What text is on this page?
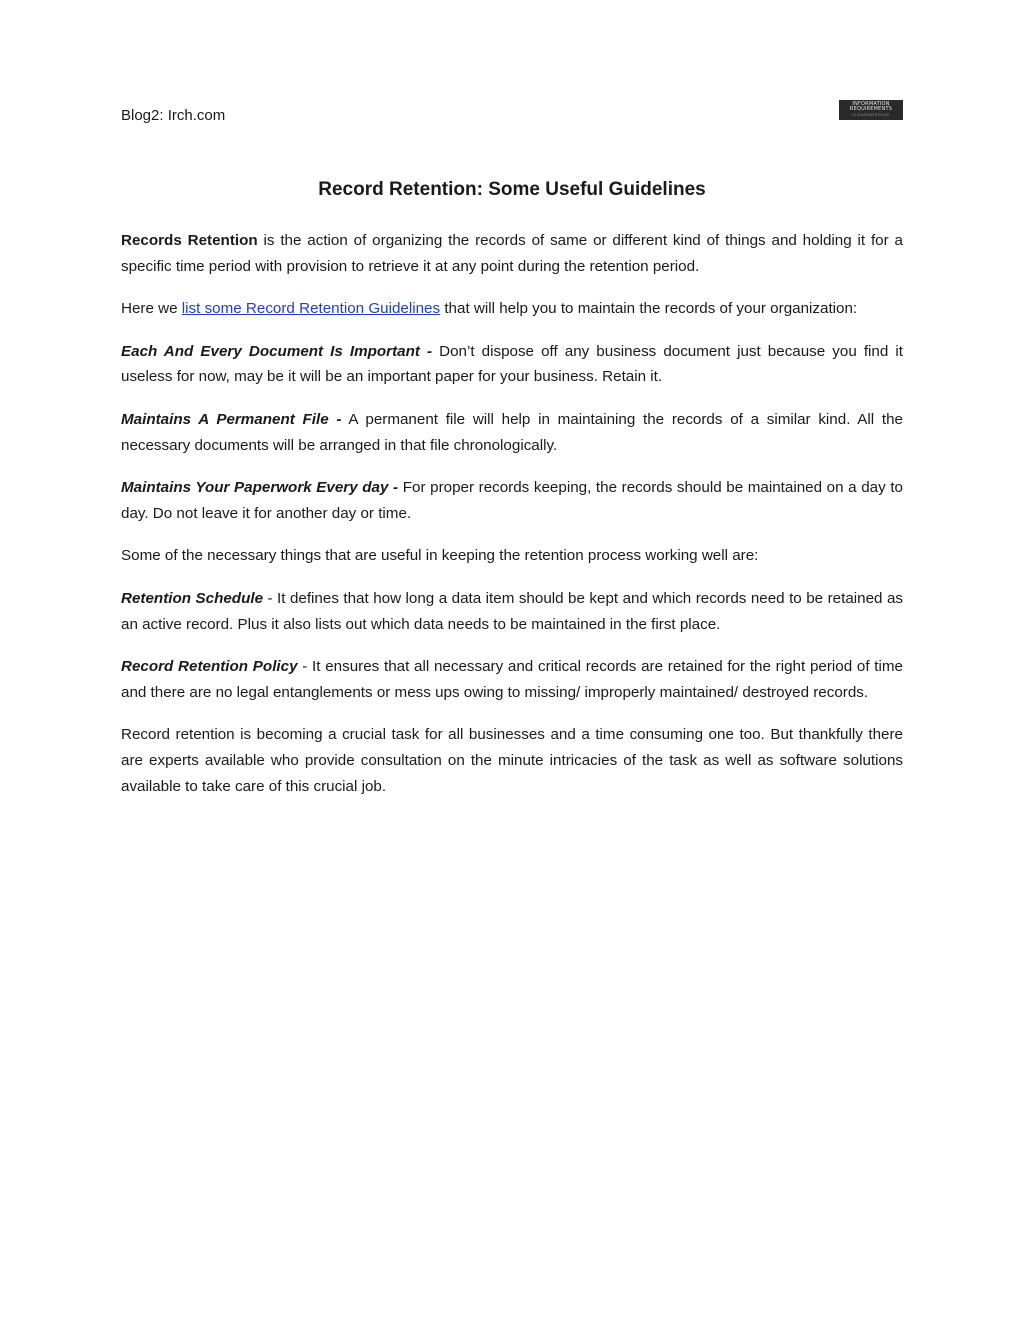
Blog2: Irch.com
INFORMATION
REQUIREMENTS
CLEARINGHOUSE
Record Retention: Some Useful Guidelines

Records Retention is the action of organizing the records of same or different kind of things and holding it for a specific time period with provision to retrieve it at any point during the retention period.

Here we list some Record Retention Guidelines that will help you to maintain the records of your organization:

Each And Every Document Is Important - Don’t dispose off any business document just because you find it useless for now, may be it will be an important paper for your business. Retain it.

Maintains A Permanent File - A permanent file will help in maintaining the records of a similar kind. All the necessary documents will be arranged in that file chronologically.

Maintains Your Paperwork Every day - For proper records keeping, the records should be maintained on a day to day. Do not leave it for another day or time.

Some of the necessary things that are useful in keeping the retention process working well are:

Retention Schedule - It defines that how long a data item should be kept and which records need to be retained as an active record. Plus it also lists out which data needs to be maintained in the first place.

Record Retention Policy - It ensures that all necessary and critical records are retained for the right period of time and there are no legal entanglements or mess ups owing to missing/ improperly maintained/ destroyed records.

Record retention is becoming a crucial task for all businesses and a time consuming one too. But thankfully there are experts available who provide consultation on the minute intricacies of the task as well as software solutions available to take care of this crucial job.
